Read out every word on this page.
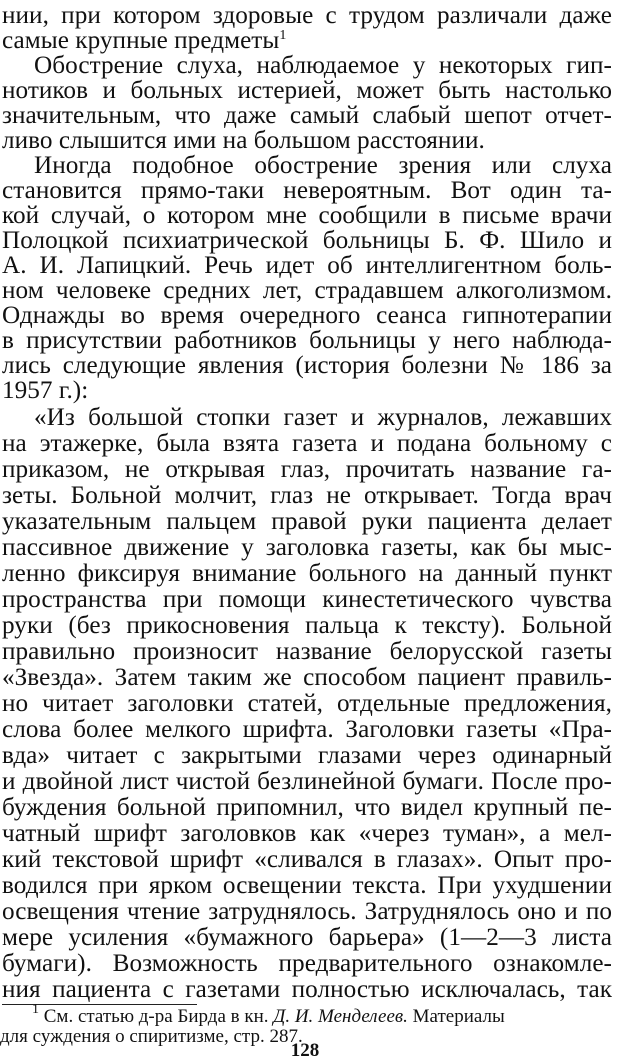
нии, при котором здоровые с трудом различали даже
самые крупные предметы$^1$
Обострение слуха, наблюдаемое у некоторых гип-
нотиков и больных истерией, может быть настолько
значительным, что даже самый слабый шепот отчет-
ливо слышится ими на большом расстоянии.
Иногда подобное обострение зрения или слуха
становится прямо-таки невероятным. Вот один та-
кой случай, о котором мне сообщили в письме врачи
Полоцкой психиатрической больницы Б. Ф. Шило и
А. И. Лапицкий. Речь идет об интеллигентном боль-
ном человеке средних лет, страдавшем алкоголизмом.
Однажды во время очередного сеанса гипнотерапии
в присутствии работников больницы у него наблюда-
лись следующие явления (история болезни № 186 за
1957 г.):
«Из большой стопки газет и журналов, лежавших
на этажерке, была взята газета и подана больному с
приказом, не открывая глаз, прочитать название га-
зеты. Больной молчит, глаз не открывает. Тогда врач
указательным пальцем правой руки пациента делает
пассивное движение у заголовка газеты, как бы мыс-
ленно фиксируя внимание больного на данный пункт
пространства при помощи кинестетического чувства
руки (без прикосновения пальца к тексту). Больной
правильно произносит название белорусской газеты
«Звезда». Затем таким же способом пациент правиль-
но читает заголовки статей, отдельные предложения,
слова более мелкого шрифта. Заголовки газеты «Пра-
вда» читает с закрытыми глазами через одинарный
и двойной лист чистой безлинейной бумаги. После про-
буждения больной припомнил, что видел крупный пе-
чатный шрифт заголовков как «через туман», а мел-
кий текстовой шрифт «сливался в глазах». Опыт про-
водился при ярком освещении текста. При ухудшении
освещения чтение затруднялось. Затруднялось оно и по
мере усиления «бумажного барьера» (1—2—3 листа
бумаги). Возможность предварительного ознакомле-
ния пациента с газетами полностью исключалась, так
$^1$ См. статью д-ра Бирда в кн. Д. И. Менделеев. Материалы
для суждения о спиритизме, стр. 287.
128
